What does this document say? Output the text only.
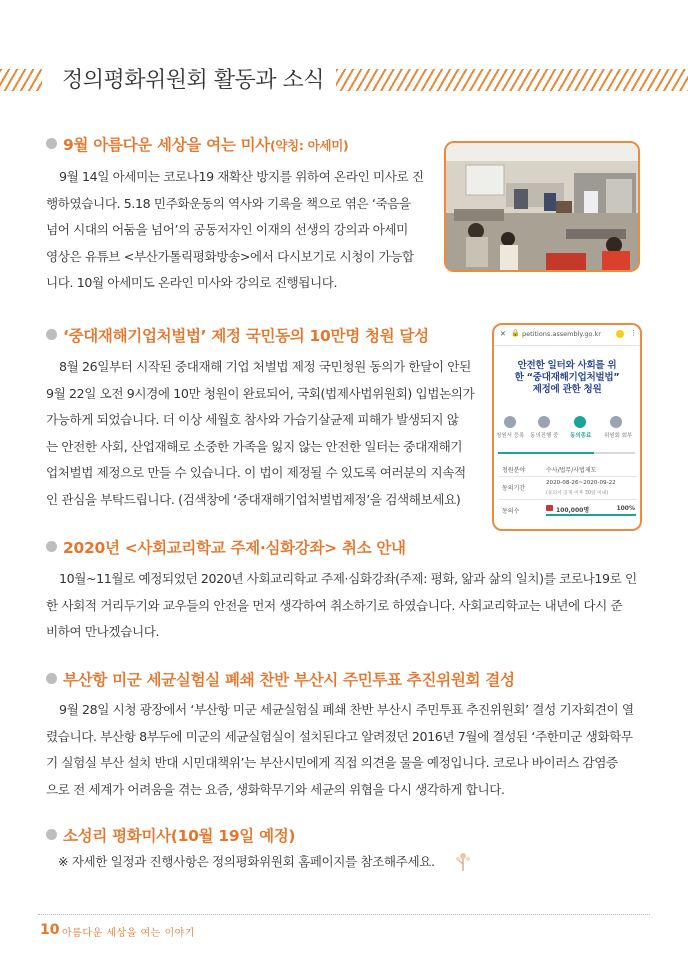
정의평화위원회 활동과 소식
9월 아름다운 세상을 여는 미사(약칭: 아세미)
9월 14일 아세미는 코로나19 재확산 방지를 위하여 온라인 미사로 진
행하였습니다. 5.18 민주화운동의 역사와 기록을 책으로 엮은 ‘죽음을
넘어 시대의 어둠을 넘어’의 공동저자인 이재의 선생의 강의과 아세미
영상은 유튜브 <부산가톨릭평화방송>에서 다시보기로 시청이 가능합
니다. 10월 아세미도 온라인 미사와 강의로 진행됩니다.
‘중대재해기업처벌법’ 제정 국민동의 10만명 청원 달성
8월 26일부터 시작된 중대재해 기업 처벌법 제정 국민청원 동의가 한달이 안된
9월 22일 오전 9시경에 10만 청원이 완료되어, 국회(법제사법위원회) 입법논의가
가능하게 되었습니다. 더 이상 세월호 참사와 가습기살균제 피해가 발생되지 않
는 안전한 사회, 산업재해로 소중한 가족을 잃지 않는 안전한 일터는 중대재해기
업처벌법 제정으로 만들 수 있습니다. 이 법이 제정될 수 있도록 여러분의 지속적
인 관심을 부탁드립니다. (검색창에 ‘중대재해기업처벌법제정’을 검색해보세요)
✕ 🔒 petitions.assembly.go.kr	⋮
안전한 일터와 사회를 위
한 “중대재해기업처벌법”
제정에 관한 청원
청원서 등록 동의진행 중 동의종료 위원회 회부
청원분야	수사/법무/사법제도
동의기간
2020-08-26~2020-09-22
(동의서 공개 이후 30일 이내)
동의수	100,000명	100%
2020년 <사회교리학교 주제·심화강좌> 취소 안내
10월~11월로 예정되었던 2020년 사회교리학교 주제·심화강좌(주제: 평화, 앎과 삶의 일치)를 코로나19로 인
한 사회적 거리두기와 교우들의 안전을 먼저 생각하여 취소하기로 하였습니다. 사회교리학교는 내년에 다시 준
비하여 만나겠습니다.
부산항 미군 세균실험실 폐쇄 찬반 부산시 주민투표 추진위원회 결성
9월 28일 시청 광장에서 ‘부산항 미군 세균실험실 폐쇄 찬반 부산시 주민투표 추진위원회’ 결성 기자회견이 열
렸습니다. 부산항 8부두에 미군의 세균실험실이 설치된다고 알려졌던 2016년 7월에 결성된 ‘주한미군 생화학무
기 실험실 부산 설치 반대 시민대책위’는 부산시민에게 직접 의견을 물을 예정입니다. 코로나 바이러스 감염증
으로 전 세계가 어려움을 겪는 요즘, 생화학무기와 세균의 위협을 다시 생각하게 합니다.
소성리 평화미사(10월 19일 예정)
※ 자세한 일정과 진행사항은 정의평화위원회 홈페이지를 참조해주세요.
10 아름다운 세상을 여는 이야기
